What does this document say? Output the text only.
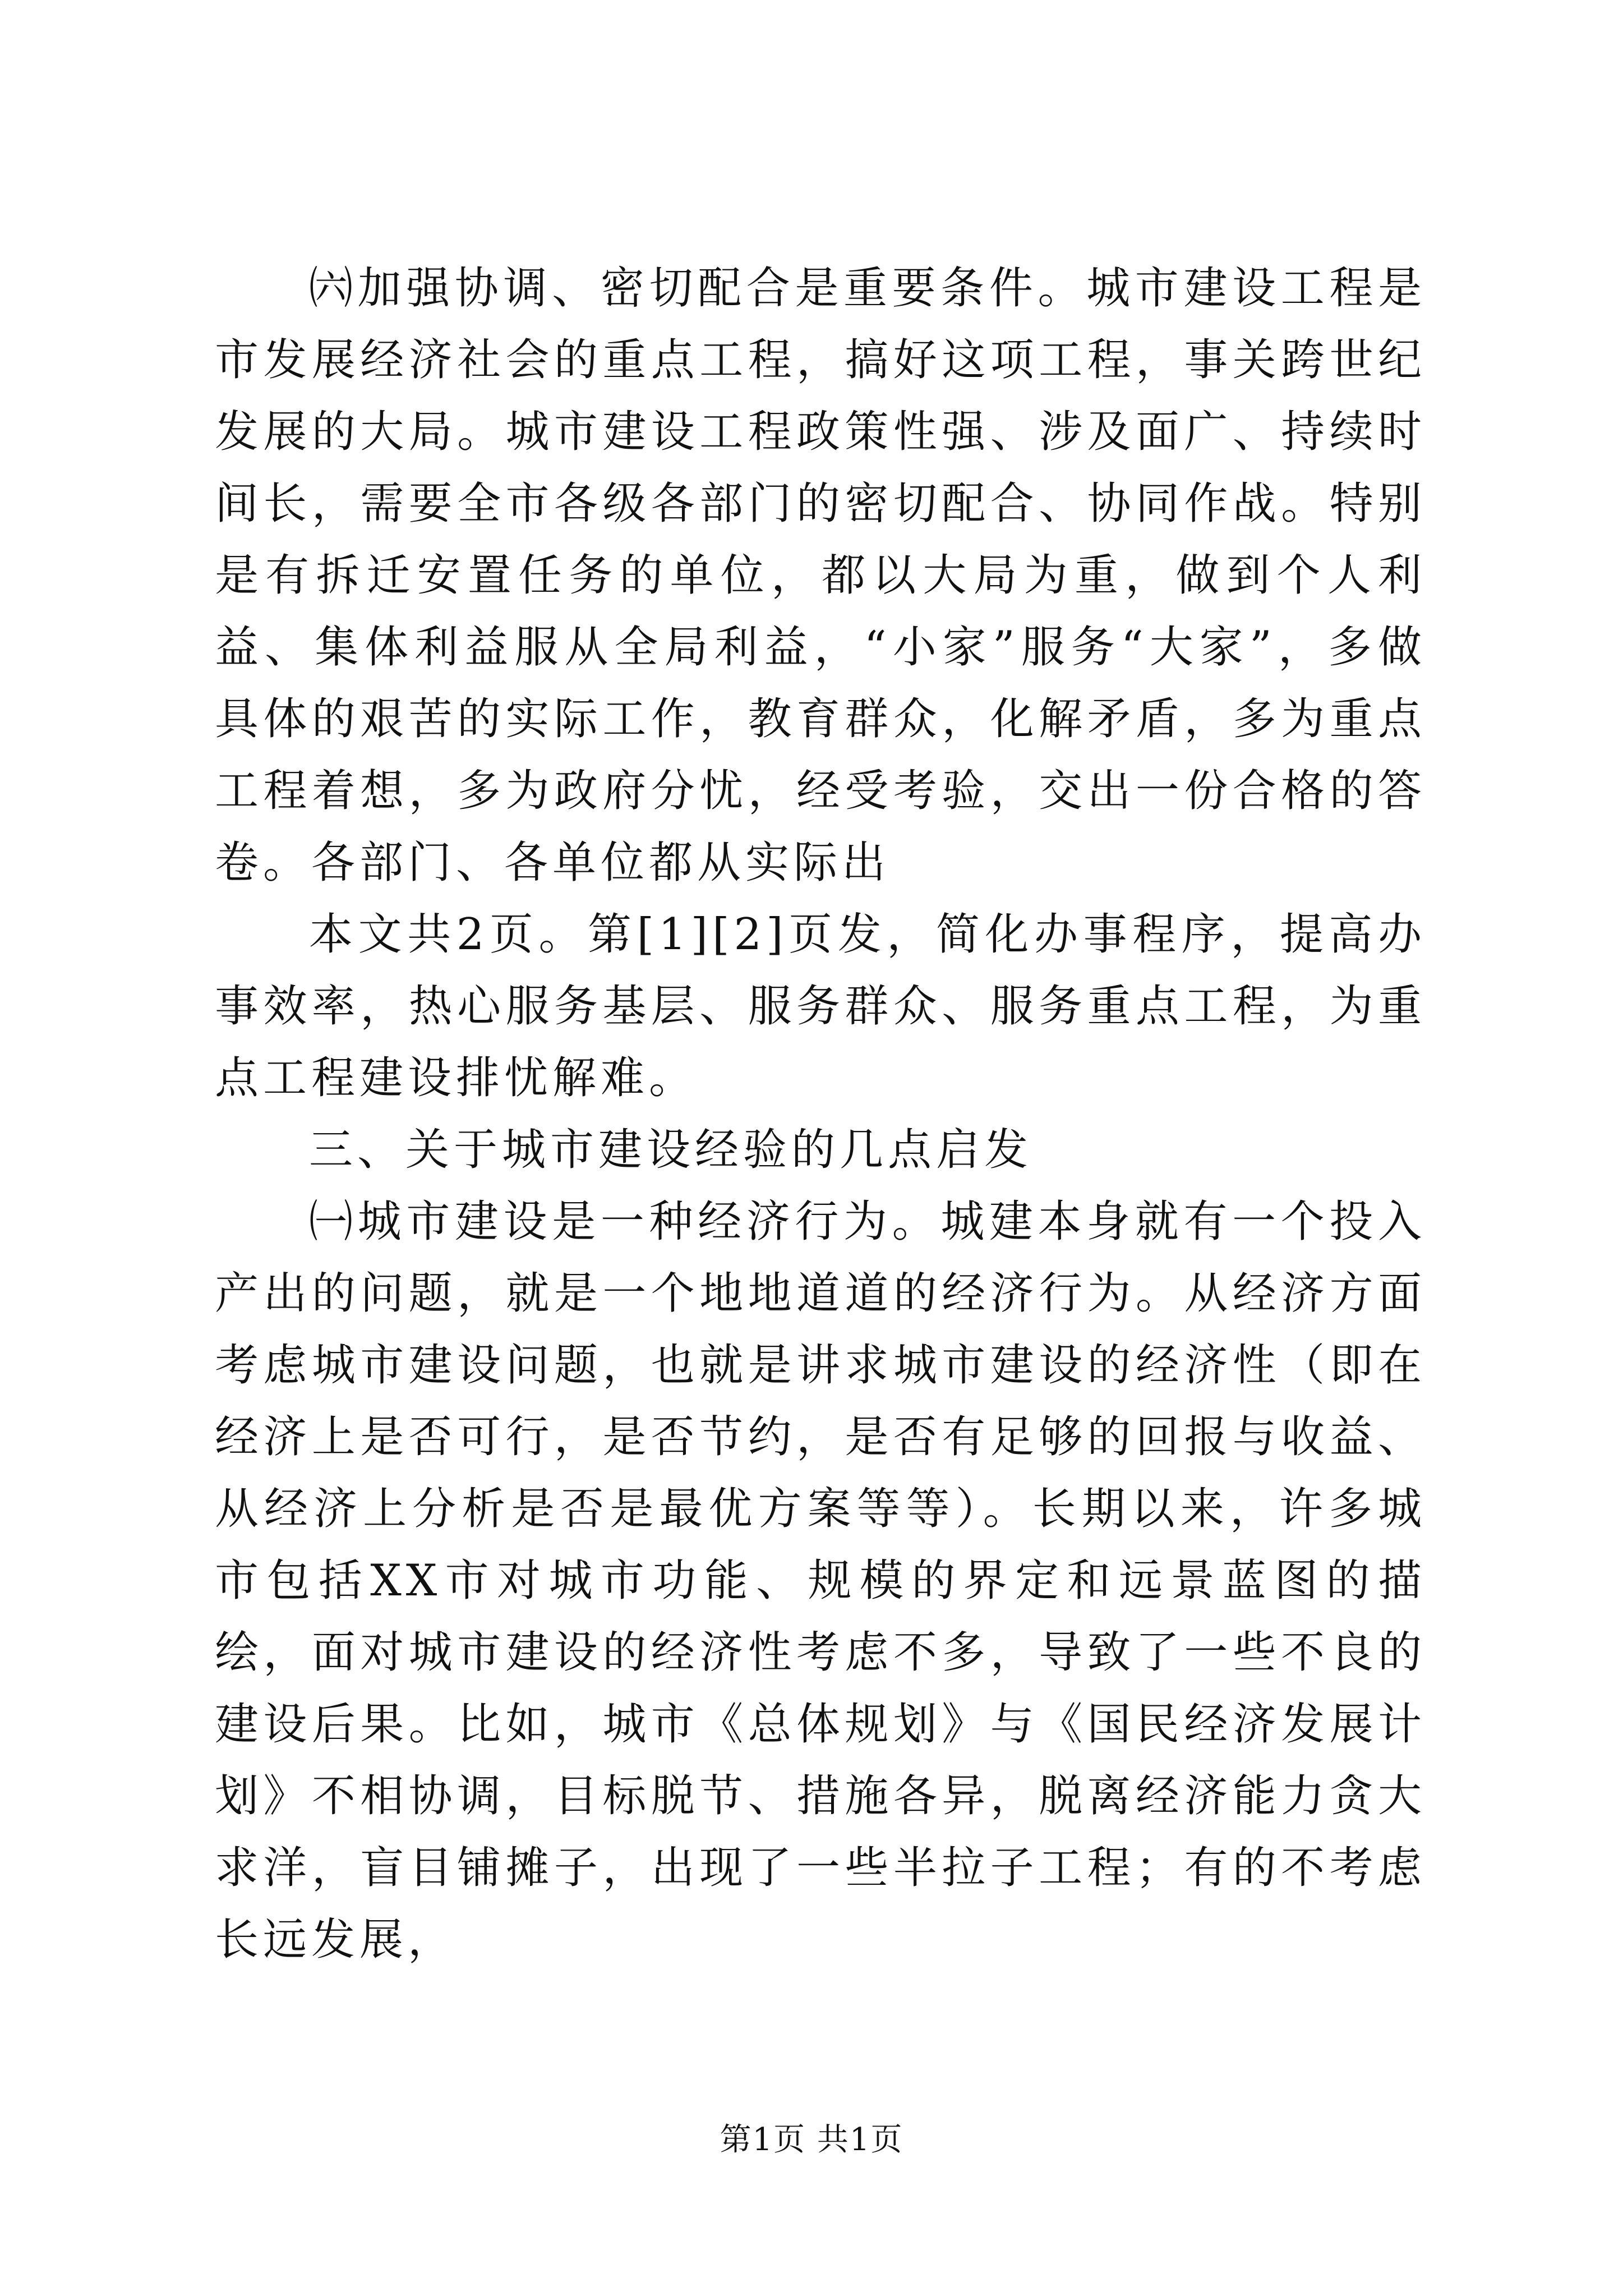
㈥加强协调、密切配合是重要条件。城市建设工程是市发展经济社会的重点工程，搞好这项工程，事关跨世纪发展的大局。城市建设工程政策性强、涉及面广、持续时间长，需要全市各级各部门的密切配合、协同作战。特别是有拆迁安置任务的单位，都以大局为重，做到个人利益、集体利益服从全局利益，“小家”服务“大家”，多做具体的艰苦的实际工作，教育群众，化解矛盾，多为重点工程着想，多为政府分忧，经受考验，交出一份合格的答卷。各部门、各单位都从实际出

本文共2页。第[1][2]页发，简化办事程序，提高办事效率，热心服务基层、服务群众、服务重点工程，为重点工程建设排忧解难。

三、关于城市建设经验的几点启发

㈠城市建设是一种经济行为。城建本身就有一个投入产出的问题，就是一个地地道道的经济行为。从经济方面考虑城市建设问题，也就是讲求城市建设的经济性（即在经济上是否可行，是否节约，是否有足够的回报与收益、从经济上分析是否是最优方案等等）。长期以来，许多城市包括XX市对城市功能、规模的界定和远景蓝图的描绘，面对城市建设的经济性考虑不多，导致了一些不良的建设后果。比如，城市《总体规划》与《国民经济发展计划》不相协调，目标脱节、措施各异，脱离经济能力贪大求洋，盲目铺摊子，出现了一些半拉子工程；有的不考虑长远发展，

第1页 共1页
